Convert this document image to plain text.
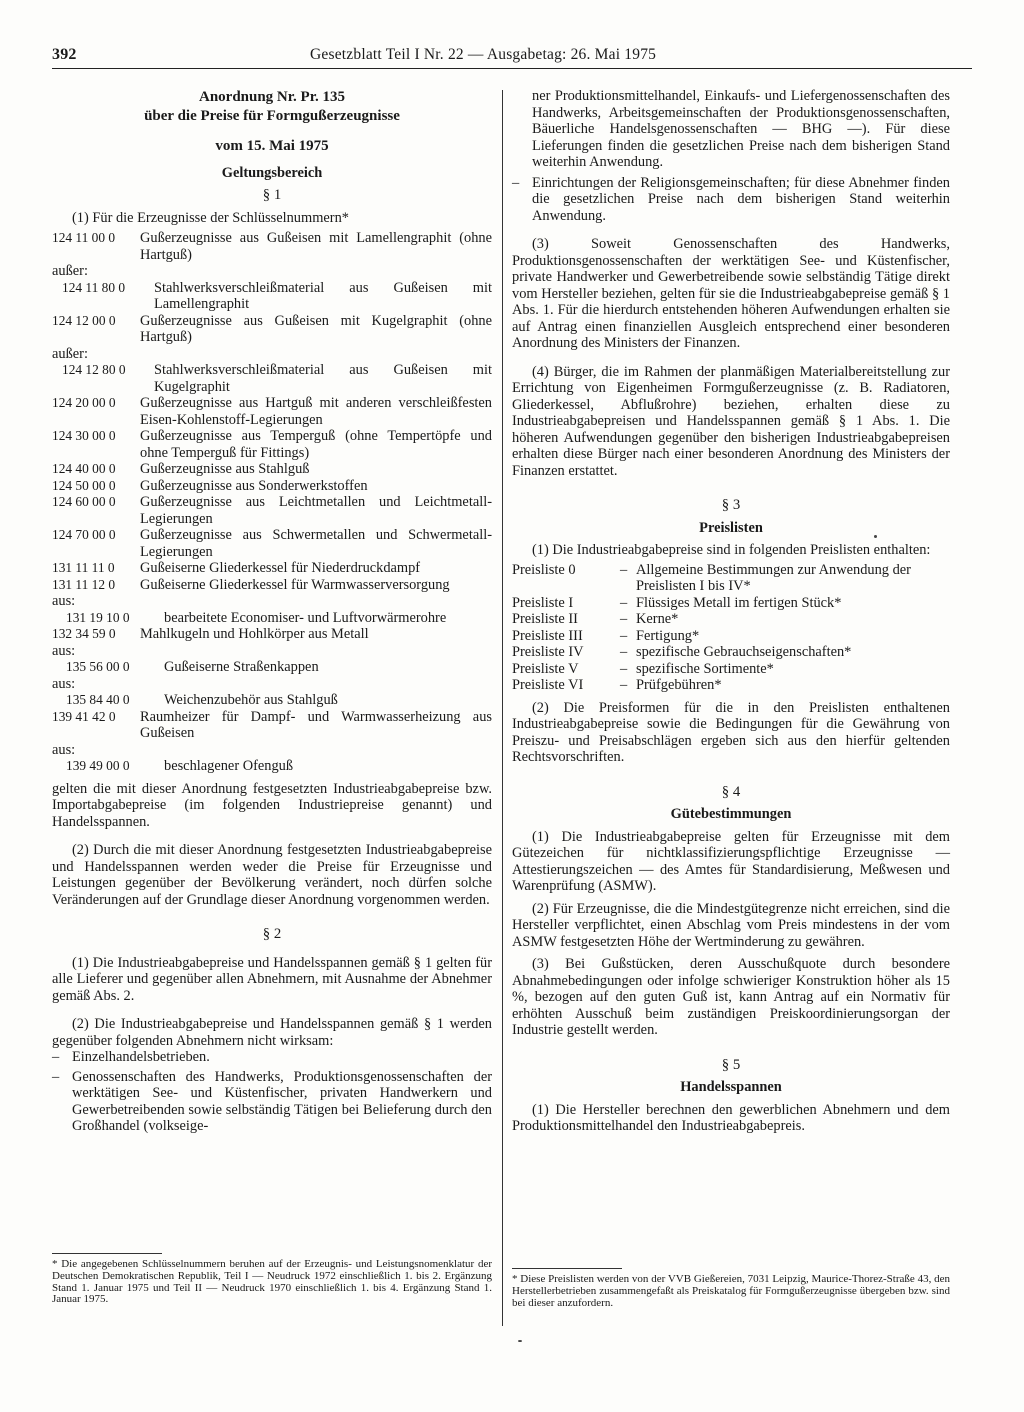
392	Gesetzblatt Teil I Nr. 22 — Ausgabetag: 26. Mai 1975
Anordnung Nr. Pr. 135
über die Preise für Formgußerzeugnisse
vom 15. Mai 1975
Geltungsbereich
§ 1

(1) Für die Erzeugnisse der Schlüsselnummern*

124 11 00 0	Gußerzeugnisse aus Gußeisen mit Lamellengraphit (ohne Hartguß)
außer:
124 11 80 0	Stahlwerksverschleißmaterial aus Gußeisen mit Lamellengraphit
124 12 00 0	Gußerzeugnisse aus Gußeisen mit Kugelgraphit (ohne Hartguß)
außer:
124 12 80 0	Stahlwerksverschleißmaterial aus Gußeisen mit Kugelgraphit
124 20 00 0	Gußerzeugnisse aus Hartguß mit anderen verschleißfesten Eisen-Kohlenstoff-Legierungen
124 30 00 0	Gußerzeugnisse aus Temperguß (ohne Tempertöpfe und ohne Temperguß für Fittings)
124 40 00 0	Gußerzeugnisse aus Stahlguß
124 50 00 0	Gußerzeugnisse aus Sonderwerkstoffen
124 60 00 0	Gußerzeugnisse aus Leichtmetallen und Leichtmetall-Legierungen
124 70 00 0	Gußerzeugnisse aus Schwermetallen und Schwermetall-Legierungen
131 11 11 0	Gußeiserne Gliederkessel für Niederdruckdampf
131 11 12 0	Gußeiserne Gliederkessel für Warmwasserversorgung
aus:
131 19 10 0	bearbeitete Economiser- und Luftvorwärmerohre
132 34 59 0	Mahlkugeln und Hohlkörper aus Metall
aus:
135 56 00 0	Gußeiserne Straßenkappen
aus:
135 84 40 0	Weichenzubehör aus Stahlguß
139 41 42 0	Raumheizer für Dampf- und Warmwasserheizung aus Gußeisen
aus:
139 49 00 0	beschlagener Ofenguß

gelten die mit dieser Anordnung festgesetzten Industrieabgabepreise bzw. Importabgabepreise (im folgenden Industriepreise genannt) und Handelsspannen.

(2) Durch die mit dieser Anordnung festgesetzten Industrieabgabepreise und Handelsspannen werden weder die Preise für Erzeugnisse und Leistungen gegenüber der Bevölkerung verändert, noch dürfen solche Veränderungen auf der Grundlage dieser Anordnung vorgenommen werden.

§ 2

(1) Die Industrieabgabepreise und Handelsspannen gemäß § 1 gelten für alle Lieferer und gegenüber allen Abnehmern, mit Ausnahme der Abnehmer gemäß Abs. 2.

(2) Die Industrieabgabepreise und Handelsspannen gemäß § 1 werden gegenüber folgenden Abnehmern nicht wirksam:

– Einzelhandelsbetrieben.
– Genossenschaften des Handwerks, Produktionsgenossenschaften der werktätigen See- und Küstenfischer, privaten Handwerkern und Gewerbetreibenden sowie selbständig Tätigen bei Belieferung durch den Großhandel (volkseige-
* Die angegebenen Schlüsselnummern beruhen auf der Erzeugnis- und Leistungsnomenklatur der Deutschen Demokratischen Republik, Teil I — Neudruck 1972 einschließlich 1. bis 2. Ergänzung Stand 1. Januar 1975 und Teil II — Neudruck 1970 einschließlich 1. bis 4. Ergänzung Stand 1. Januar 1975.

ner Produktionsmittelhandel, Einkaufs- und Liefergenossenschaften des Handwerks, Arbeitsgemeinschaften der Produktionsgenossenschaften, Bäuerliche Handelsgenossenschaften — BHG —). Für diese Lieferungen finden die gesetzlichen Preise nach dem bisherigen Stand weiterhin Anwendung.

– Einrichtungen der Religionsgemeinschaften; für diese Abnehmer finden die gesetzlichen Preise nach dem bisherigen Stand weiterhin Anwendung.

(3) Soweit Genossenschaften des Handwerks, Produktionsgenossenschaften der werktätigen See- und Küstenfischer, private Handwerker und Gewerbetreibende sowie selbständig Tätige direkt vom Hersteller beziehen, gelten für sie die Industrieabgabepreise gemäß § 1 Abs. 1. Für die hierdurch entstehenden höheren Aufwendungen erhalten sie auf Antrag einen finanziellen Ausgleich entsprechend einer besonderen Anordnung des Ministers der Finanzen.

(4) Bürger, die im Rahmen der planmäßigen Materialbereitstellung zur Errichtung von Eigenheimen Formgußerzeugnisse (z. B. Radiatoren, Gliederkessel, Abflußrohre) beziehen, erhalten diese zu Industrieabgabepreisen und Handelsspannen gemäß § 1 Abs. 1. Die höheren Aufwendungen gegenüber den bisherigen Industrieabgabepreisen erhalten diese Bürger nach einer besonderen Anordnung des Ministers der Finanzen erstattet.

§ 3
Preislisten

(1) Die Industrieabgabepreise sind in folgenden Preislisten enthalten:

Preisliste 0	– Allgemeine Bestimmungen zur Anwendung der Preislisten I bis IV*
Preisliste I	– Flüssiges Metall im fertigen Stück*
Preisliste II	– Kerne*
Preisliste III	– Fertigung*
Preisliste IV	– spezifische Gebrauchseigenschaften*
Preisliste V	– spezifische Sortimente*
Preisliste VI	– Prüfgebühren*

(2) Die Preisformen für die in den Preislisten enthaltenen Industrieabgabepreise sowie die Bedingungen für die Gewährung von Preiszu- und Preisabschlägen ergeben sich aus den hierfür geltenden Rechtsvorschriften.

§ 4
Gütebestimmungen

(1) Die Industrieabgabepreise gelten für Erzeugnisse mit dem Gütezeichen für nichtklassifizierungspflichtige Erzeugnisse — Attestierungszeichen — des Amtes für Standardisierung, Meßwesen und Warenprüfung (ASMW).

(2) Für Erzeugnisse, die die Mindestgütegrenze nicht erreichen, sind die Hersteller verpflichtet, einen Abschlag vom Preis mindestens in der vom ASMW festgesetzten Höhe der Wertminderung zu gewähren.

(3) Bei Gußstücken, deren Ausschußquote durch besondere Abnahmebedingungen oder infolge schwieriger Konstruktion höher als 15 %, bezogen auf den guten Guß ist, kann Antrag auf ein Normativ für erhöhten Ausschuß beim zuständigen Preiskoordinierungsorgan der Industrie gestellt werden.

§ 5
Handelsspannen

(1) Die Hersteller berechnen den gewerblichen Abnehmern und dem Produktionsmittelhandel den Industrieabgabepreis.

* Diese Preislisten werden von der VVB Gießereien, 7031 Leipzig, Maurice-Thorez-Straße 43, den Herstellerbetrieben zusammengefaßt als Preiskatalog für Formgußerzeugnisse übergeben bzw. sind bei dieser anzufordern.
